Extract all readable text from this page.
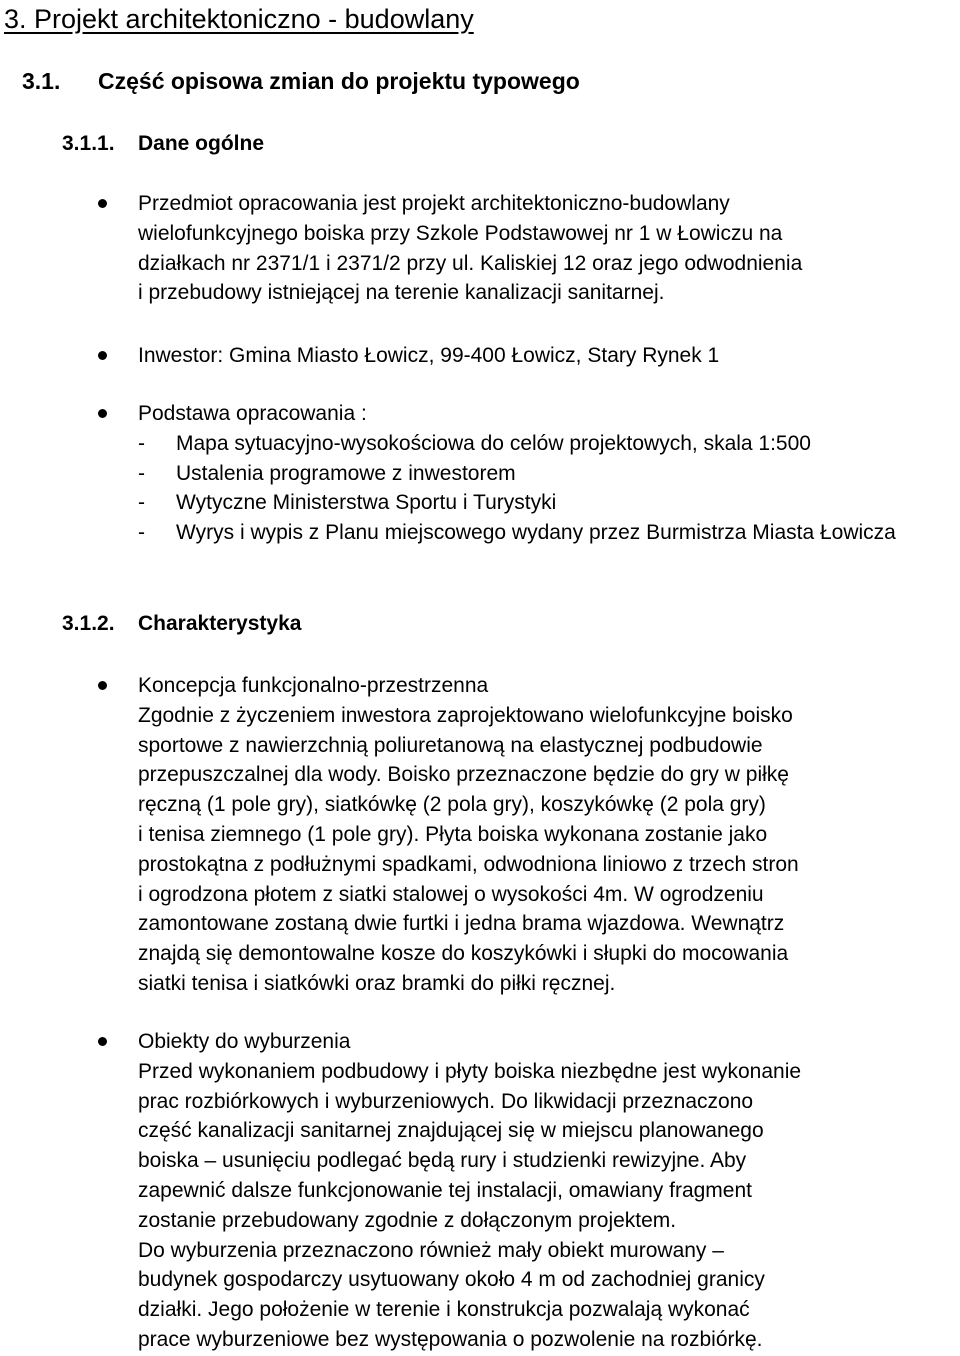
3. Projekt architektoniczno - budowlany
3.1. Część opisowa zmian do projektu typowego
3.1.1. Dane ogólne
Przedmiot opracowania jest projekt architektoniczno-budowlany
wielofunkcyjnego boiska przy Szkole Podstawowej nr 1 w Łowiczu na
działkach nr 2371/1 i 2371/2 przy ul. Kaliskiej 12 oraz jego odwodnienia
i przebudowy istniejącej na terenie kanalizacji sanitarnej.
Inwestor: Gmina Miasto Łowicz, 99-400 Łowicz, Stary Rynek 1
Podstawa opracowania :
- Mapa sytuacyjno-wysokościowa do celów projektowych, skala 1:500
- Ustalenia programowe z inwestorem
- Wytyczne Ministerstwa Sportu i Turystyki
- Wyrys i wypis z Planu miejscowego wydany przez Burmistrza Miasta Łowicza
3.1.2. Charakterystyka
Koncepcja funkcjonalno-przestrzenna
Zgodnie z życzeniem inwestora zaprojektowano wielofunkcyjne boisko
sportowe z nawierzchnią poliuretanową na elastycznej podbudowie
przepuszczalnej dla wody. Boisko przeznaczone będzie do gry w piłkę
ręczną (1 pole gry), siatkówkę (2 pola gry), koszykówkę (2 pola gry)
i tenisa ziemnego (1 pole gry). Płyta boiska wykonana zostanie jako
prostokątna z podłużnymi spadkami, odwodniona liniowo z trzech stron
i ogrodzona płotem z siatki stalowej o wysokości 4m. W ogrodzeniu
zamontowane zostaną dwie furtki i jedna brama wjazdowa. Wewnątrz
znajdą się demontowalne kosze do koszykówki i słupki do mocowania
siatki tenisa i siatkówki oraz bramki do piłki ręcznej.
Obiekty do wyburzenia
Przed wykonaniem podbudowy i płyty boiska niezbędne jest wykonanie
prac rozbiórkowych i wyburzeniowych. Do likwidacji przeznaczono
część kanalizacji sanitarnej znajdującej się w miejscu planowanego
boiska – usunięciu podlegać będą rury i studzienki rewizyjne. Aby
zapewnić dalsze funkcjonowanie tej instalacji, omawiany fragment
zostanie przebudowany zgodnie z dołączonym projektem.
Do wyburzenia przeznaczono również mały obiekt murowany –
budynek gospodarczy usytuowany około 4 m od zachodniej granicy
działki. Jego położenie w terenie i konstrukcja pozwalają wykonać
prace wyburzeniowe bez występowania o pozwolenie na rozbiórkę.
